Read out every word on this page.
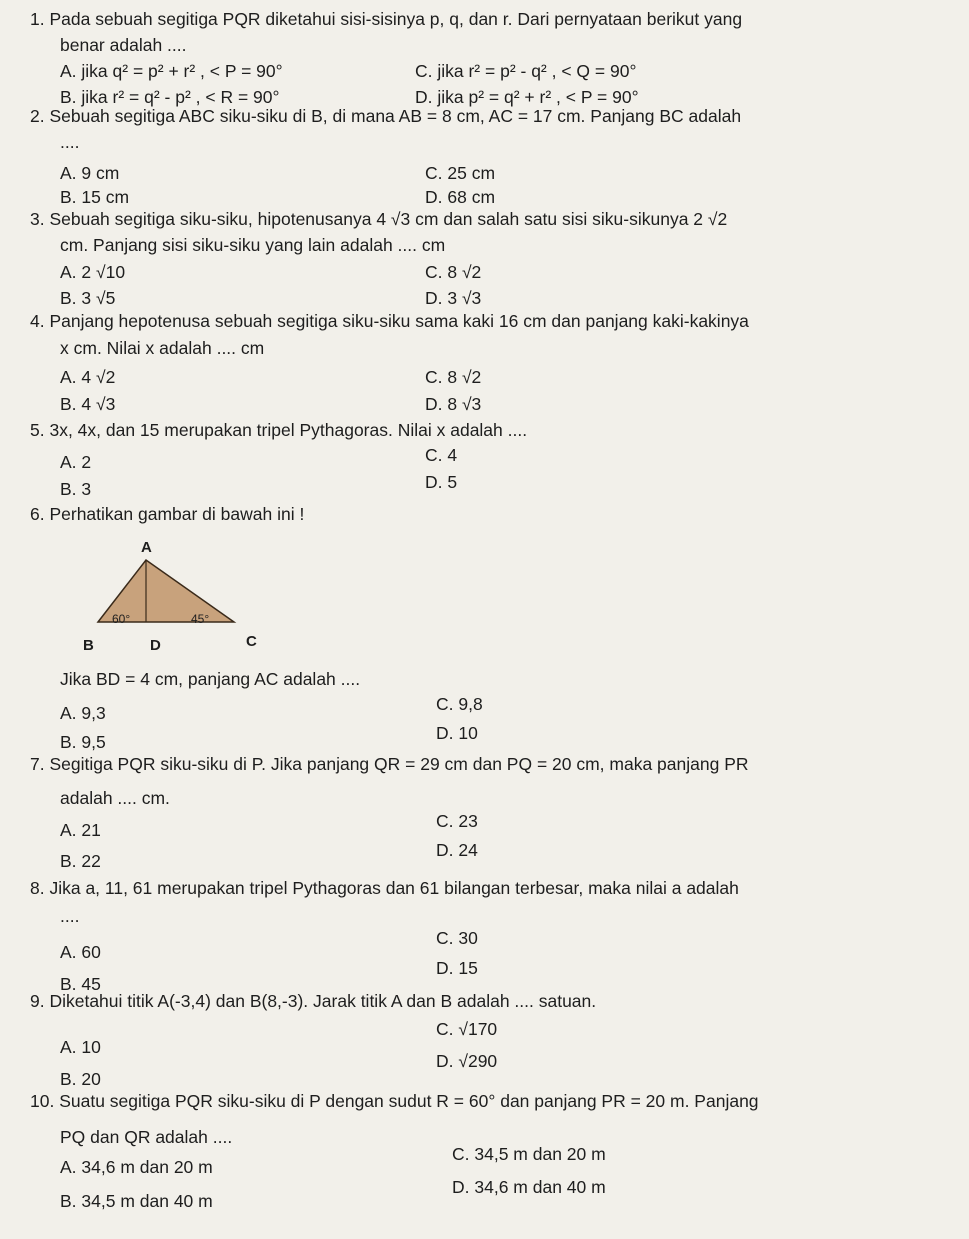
1. Pada sebuah segitiga PQR diketahui sisi-sisinya p, q, dan r. Dari pernyataan berikut yang
benar adalah ....
A. jika q² = p² + r² , < P = 90°
B. jika r² = q² - p² , < R = 90°
C. jika r² = p² - q² , < Q = 90°
D. jika p² = q² + r² , < P = 90°
2. Sebuah segitiga ABC siku-siku di B, di mana AB = 8 cm, AC = 17 cm. Panjang BC adalah
....
A. 9 cm
B. 15 cm
C. 25 cm
D. 68 cm
3. Sebuah segitiga siku-siku, hipotenusanya 4 √3 cm dan salah satu sisi siku-sikunya 2 √2
cm. Panjang sisi siku-siku yang lain adalah .... cm
A. 2 √10
B. 3 √5
C. 8 √2
D. 3 √3
4. Panjang hepotenusa sebuah segitiga siku-siku sama kaki 16 cm dan panjang kaki-kakinya
x cm. Nilai x adalah .... cm
A. 4 √2
B. 4 √3
C. 8 √2
D. 8 √3
5. 3x, 4x, dan 15 merupakan tripel Pythagoras. Nilai x adalah ....
A. 2
B. 3
C. 4
D. 5
6. Perhatikan gambar di bawah ini !
A
B	D	C
60°	45°
Jika BD = 4 cm, panjang AC adalah ....
A. 9,3
B. 9,5
C. 9,8
D. 10
7. Segitiga PQR siku-siku di P. Jika panjang QR = 29 cm dan PQ = 20 cm, maka panjang PR
adalah .... cm.
A. 21
B. 22
C. 23
D. 24
8. Jika a, 11, 61 merupakan tripel Pythagoras dan 61 bilangan terbesar, maka nilai a adalah
....
A. 60
B. 45
C. 30
D. 15
9. Diketahui titik A(-3,4) dan B(8,-3). Jarak titik A dan B adalah .... satuan.
A. 10
B. 20
C. √170
D. √290
10. Suatu segitiga PQR siku-siku di P dengan sudut R = 60° dan panjang PR = 20 m. Panjang
PQ dan QR adalah ....
A. 34,6 m dan 20 m
B. 34,5 m dan 40 m
C. 34,5 m dan 20 m
D. 34,6 m dan 40 m
